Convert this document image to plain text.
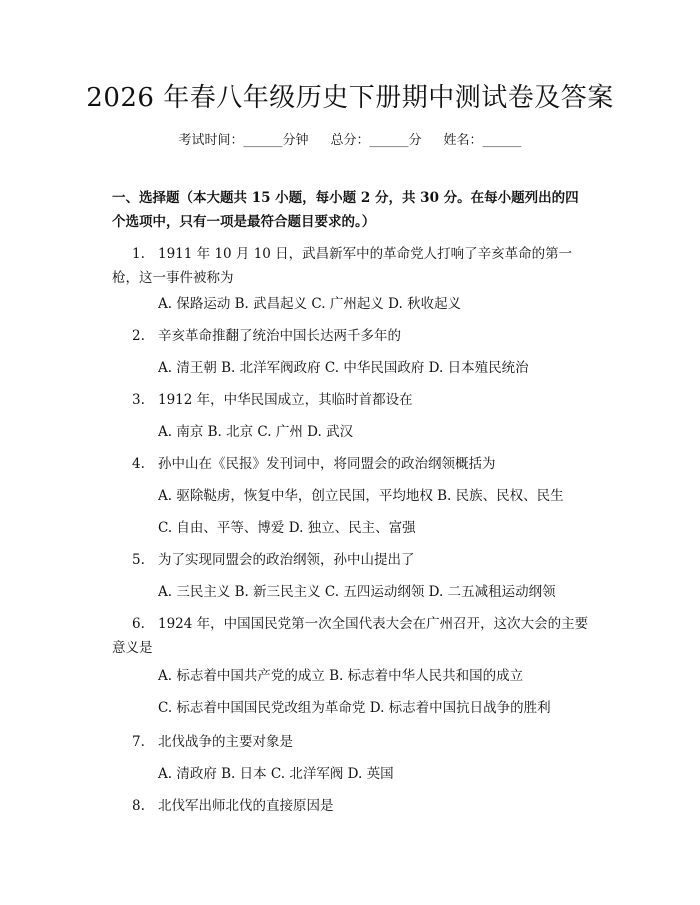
2026 年春八年级历史下册期中测试卷及答案
考试时间：______分钟 总分：______分 姓名：______
一、选择题（本大题共 15 小题，每小题 2 分，共 30 分。在每小题列出的四个选项中，只有一项是最符合题目要求的。）
1. 1911 年 10 月 10 日，武昌新军中的革命党人打响了辛亥革命的第一枪，这一事件被称为
A. 保路运动 B. 武昌起义 C. 广州起义 D. 秋收起义
2. 辛亥革命推翻了统治中国长达两千多年的
A. 清王朝 B. 北洋军阀政府 C. 中华民国政府 D. 日本殖民统治
3. 1912 年，中华民国成立，其临时首都设在
A. 南京 B. 北京 C. 广州 D. 武汉
4. 孙中山在《民报》发刊词中，将同盟会的政治纲领概括为
A. 驱除鞑虏，恢复中华，创立民国，平均地权 B. 民族、民权、民生
C. 自由、平等、博爱 D. 独立、民主、富强
5. 为了实现同盟会的政治纲领，孙中山提出了
A. 三民主义 B. 新三民主义 C. 五四运动纲领 D. 二五减租运动纲领
6. 1924 年，中国国民党第一次全国代表大会在广州召开，这次大会的主要意义是
A. 标志着中国共产党的成立 B. 标志着中华人民共和国的成立
C. 标志着中国国民党改组为革命党 D. 标志着中国抗日战争的胜利
7. 北伐战争的主要对象是
A. 清政府 B. 日本 C. 北洋军阀 D. 英国
8. 北伐军出师北伐的直接原因是
